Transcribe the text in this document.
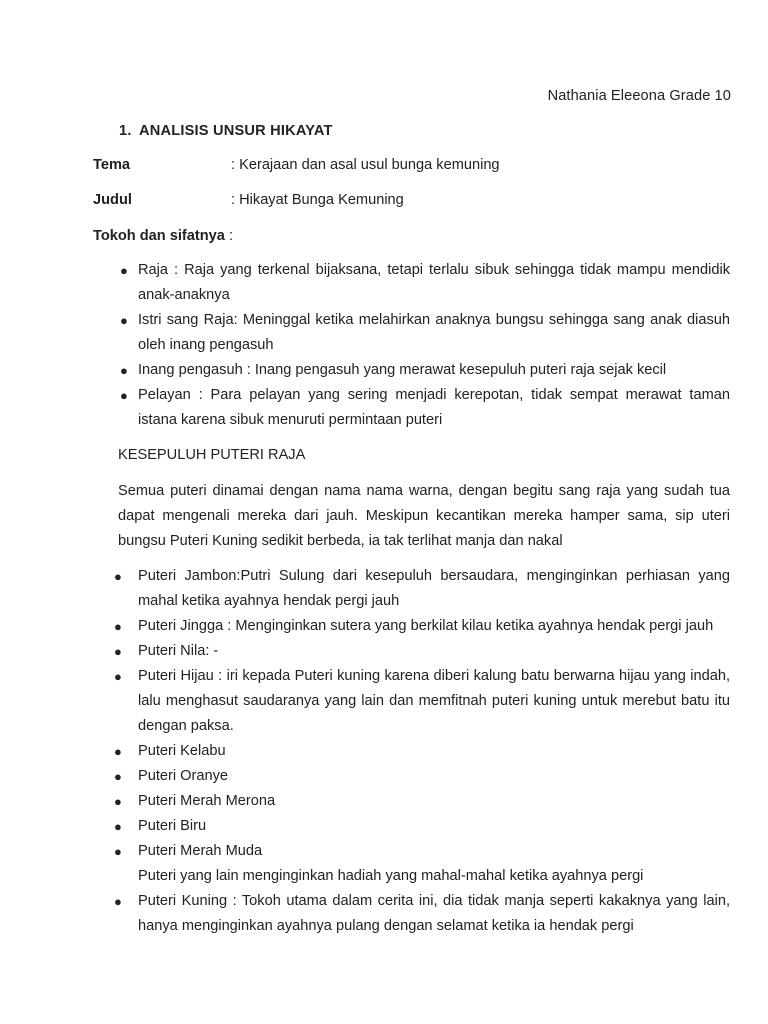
Nathania Eleeona Grade 10
1. ANALISIS UNSUR HIKAYAT
Tema	: Kerajaan dan asal usul bunga kemuning
Judul	: Hikayat Bunga Kemuning
Tokoh dan sifatnya :
● Raja : Raja yang terkenal bijaksana, tetapi terlalu sibuk sehingga tidak mampu mendidik anak-anaknya
● Istri sang Raja: Meninggal ketika melahirkan anaknya bungsu sehingga sang anak diasuh oleh inang pengasuh
● Inang pengasuh : Inang pengasuh yang merawat kesepuluh puteri raja sejak kecil
● Pelayan : Para pelayan yang sering menjadi kerepotan, tidak sempat merawat taman istana karena sibuk menuruti permintaan puteri
KESEPULUH PUTERI RAJA
Semua puteri dinamai dengan nama nama warna, dengan begitu sang raja yang sudah tua dapat mengenali mereka dari jauh. Meskipun kecantikan mereka hamper sama, sip uteri bungsu Puteri Kuning sedikit berbeda, ia tak terlihat manja dan nakal
● Puteri Jambon:Putri Sulung dari kesepuluh bersaudara, menginginkan perhiasan yang mahal ketika ayahnya hendak pergi jauh
● Puteri Jingga : Menginginkan sutera yang berkilat kilau ketika ayahnya hendak pergi jauh
● Puteri Nila: -
● Puteri Hijau : iri kepada Puteri kuning karena diberi kalung batu berwarna hijau yang indah, lalu menghasut saudaranya yang lain dan memfitnah puteri kuning untuk merebut batu itu dengan paksa.
● Puteri Kelabu
● Puteri Oranye
● Puteri Merah Merona
● Puteri Biru
● Puteri Merah Muda
Puteri yang lain menginginkan hadiah yang mahal-mahal ketika ayahnya pergi
● Puteri Kuning : Tokoh utama dalam cerita ini, dia tidak manja seperti kakaknya yang lain, hanya menginginkan ayahnya pulang dengan selamat ketika ia hendak pergi
